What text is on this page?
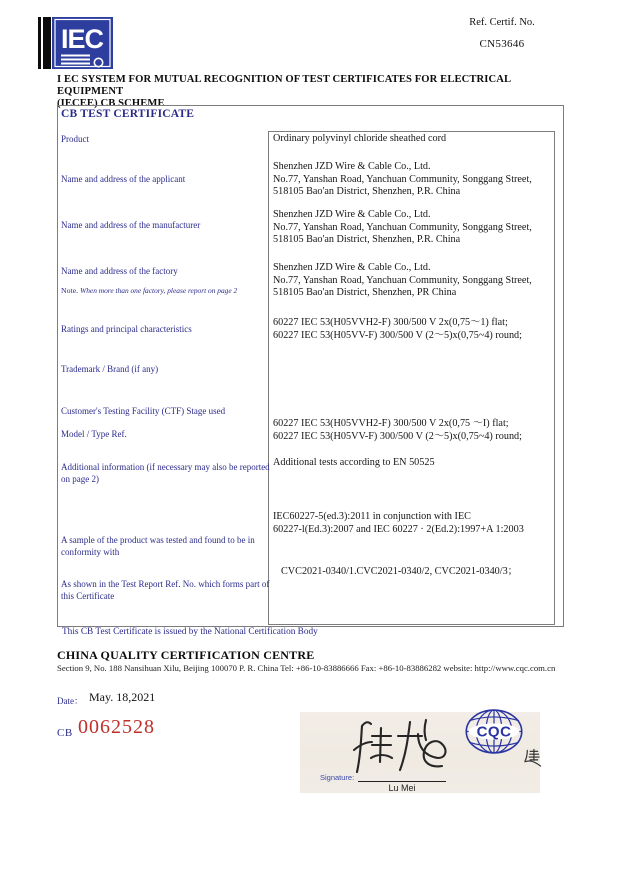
IEC
Ref. Certif. No.
CN53646
I EC SYSTEM FOR MUTUAL RECOGNITION OF TEST CERTIFICATES FOR ELECTRICAL EQUIPMENT
(IECEE) CB SCHEME
CB TEST CERTIFICATE
Product
Name and address of the applicant
Name and address of the manufacturer
Name and address of the factory
Note. When more than one factory, please report on page 2
Ratings and principal characteristics
Trademark / Brand (if any)
Customer's Testing Facility (CTF) Stage used
Model / Type Ref.
Additional information (if necessary may also be reported
on page 2)
A sample of the product was tested and found to be in
conformity with
As shown in the Test Report Ref. No. which forms part of
this Certificate
Ordinary polyvinyl chloride sheathed cord
Shenzhen JZD Wire & Cable Co., Ltd.
No.77, Yanshan Road, Yanchuan Community, Songgang Street,
518105 Bao'an District, Shenzhen, P.R. China
Shenzhen JZD Wire & Cable Co., Ltd.
No.77, Yanshan Road, Yanchuan Community, Songgang Street,
518105 Bao'an District, Shenzhen, P.R. China
Shenzhen JZD Wire & Cable Co., Ltd.
No.77, Yanshan Road, Yanchuan Community, Songgang Street,
518105 Bao'an District, Shenzhen, PR China
60227 IEC 53(H05VVH2-F) 300/500 V 2x(0,75〜1) flat;
60227 IEC 53(H05VV-F) 300/500 V (2〜5)x(0,75~4) round;
60227 IEC 53(H05VVH2-F) 300/500 V 2x(0,75 〜I) flat;
60227 IEC 53(H05VV-F) 300/500 V (2〜5)x(0,75~4) round;
Additional tests according to EN 50525
IEC60227-5(ed.3):2011 in conjunction with IEC
60227-l(Ed.3):2007 and IEC 60227 · 2(Ed.2):1997+A 1:2003
CVC2021-0340/1.CVC2021-0340/2, CVC2021-0340/3；
This CB Test Certificate is issued by the National Certification Body
CHINA QUALITY CERTIFICATION CENTRE
Section 9, No. 188 Nansihuan Xilu, Beijing 100070 P. R. China Tel: +86-10-83886666 Fax: +86-10-83886282 website: http://www.cqc.com.cn
Date： May. 18,2021
CB 0062528
Signature:
Lu Mei
CQC
